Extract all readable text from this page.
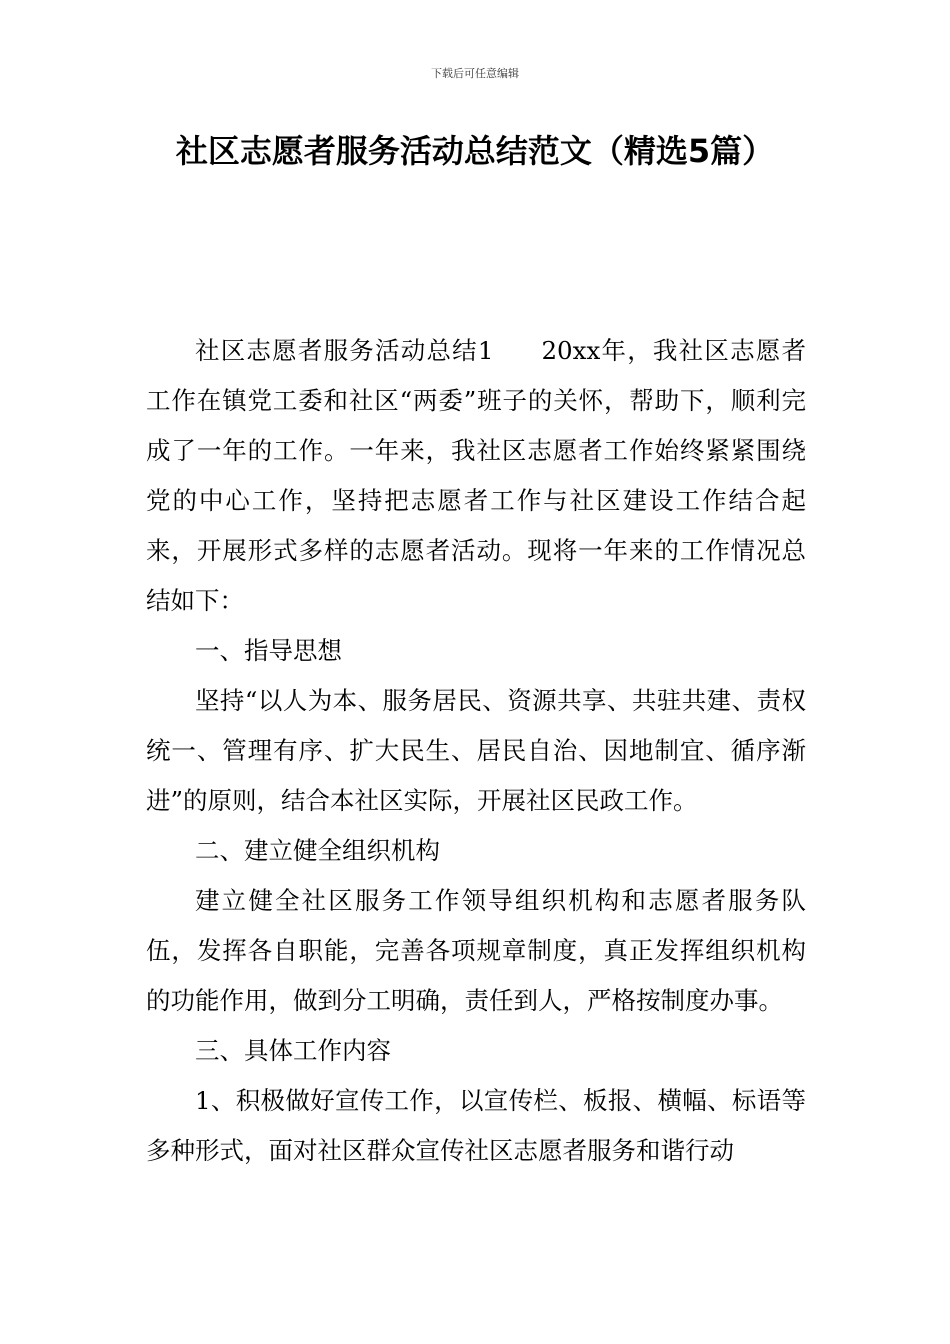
下载后可任意编辑
社区志愿者服务活动总结范文（精选5篇）

社区志愿者服务活动总结1 20xx年，我社区志愿者工作在镇党工委和社区“两委”班子的关怀，帮助下，顺利完成了一年的工作。一年来，我社区志愿者工作始终紧紧围绕党的中心工作，坚持把志愿者工作与社区建设工作结合起来，开展形式多样的志愿者活动。现将一年来的工作情况总结如下：

一、指导思想

坚持“以人为本、服务居民、资源共享、共驻共建、责权统一、管理有序、扩大民生、居民自治、因地制宜、循序渐进”的原则，结合本社区实际，开展社区民政工作。

二、建立健全组织机构

建立健全社区服务工作领导组织机构和志愿者服务队伍，发挥各自职能，完善各项规章制度，真正发挥组织机构的功能作用，做到分工明确，责任到人，严格按制度办事。

三、具体工作内容

1、积极做好宣传工作，以宣传栏、板报、横幅、标语等多种形式，面对社区群众宣传社区志愿者服务和谐行动
